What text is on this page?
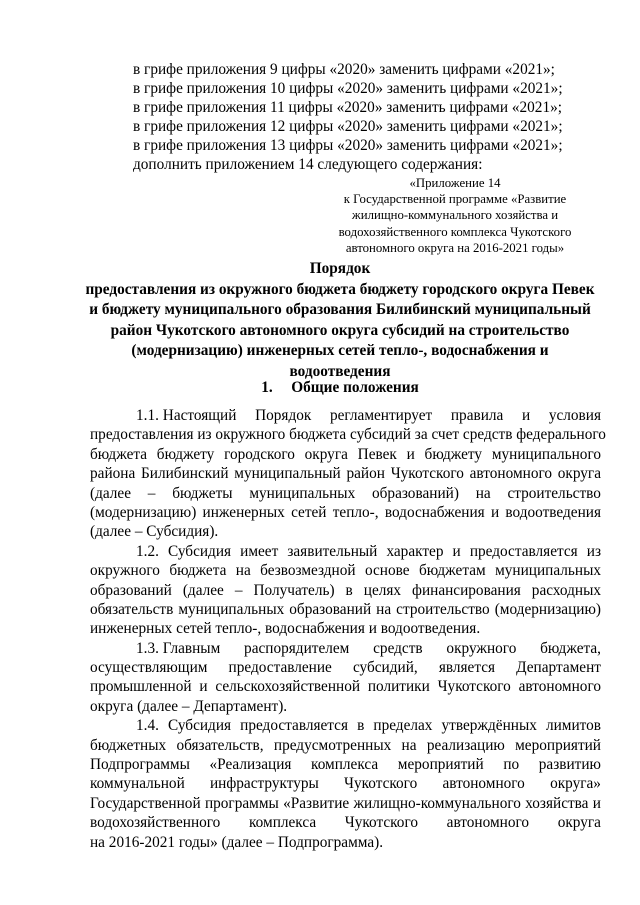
в грифе приложения 9 цифры «2020» заменить цифрами «2021»;
в грифе приложения 10 цифры «2020» заменить цифрами «2021»;
в грифе приложения 11 цифры «2020» заменить цифрами «2021»;
в грифе приложения 12 цифры «2020» заменить цифрами «2021»;
в грифе приложения 13 цифры «2020» заменить цифрами «2021»;
дополнить приложением 14 следующего содержания:
«Приложение 14
к Государственной программе «Развитие
жилищно-коммунального хозяйства и
водохозяйственного комплекса Чукотского
автономного округа на 2016-2021 годы»
Порядок
предоставления из окружного бюджета бюджету городского округа Певек
и бюджету муниципального образования Билибинский муниципальный
район Чукотского автономного округа субсидий на строительство
(модернизацию) инженерных сетей тепло-, водоснабжения и
водоотведения
1. Общие положения
1.1. Настоящий Порядок регламентирует правила и условия
предоставления из окружного бюджета субсидий за счет средств федерального
бюджета бюджету городского округа Певек и бюджету муниципального
района Билибинский муниципальный район Чукотского автономного округа
(далее – бюджеты муниципальных образований) на строительство
(модернизацию) инженерных сетей тепло-, водоснабжения и водоотведения
(далее – Субсидия).
1.2. Субсидия имеет заявительный характер и предоставляется из
окружного бюджета на безвозмездной основе бюджетам муниципальных
образований (далее – Получатель) в целях финансирования расходных
обязательств муниципальных образований на строительство (модернизацию)
инженерных сетей тепло-, водоснабжения и водоотведения.
1.3. Главным распорядителем средств окружного бюджета,
осуществляющим предоставление субсидий, является Департамент
промышленной и сельскохозяйственной политики Чукотского автономного
округа (далее – Департамент).
1.4. Субсидия предоставляется в пределах утверждённых лимитов
бюджетных обязательств, предусмотренных на реализацию мероприятий
Подпрограммы «Реализация комплекса мероприятий по развитию
коммунальной инфраструктуры Чукотского автономного округа»
Государственной программы «Развитие жилищно-коммунального хозяйства и
водохозяйственного комплекса Чукотского автономного округа
на 2016-2021 годы» (далее – Подпрограмма).
